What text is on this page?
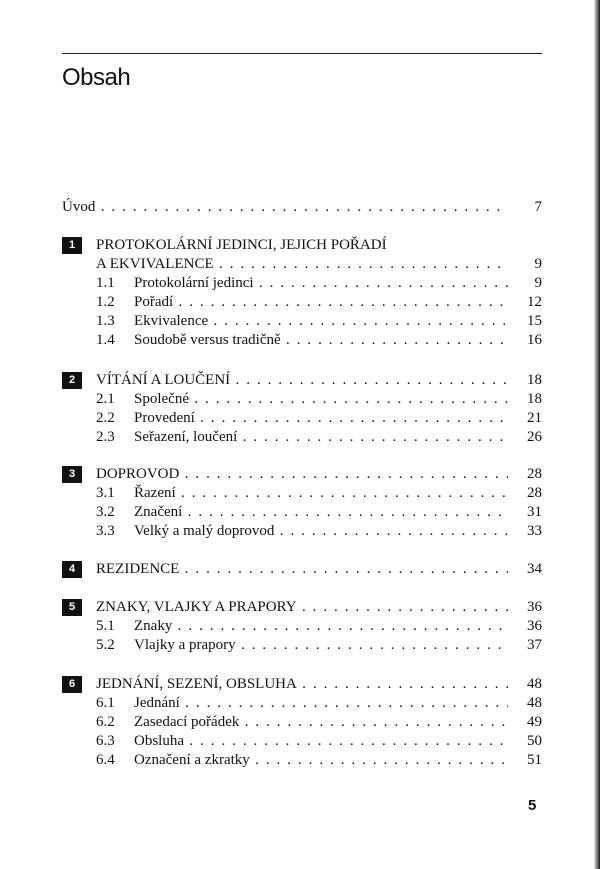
Obsah
Úvod . . .	7
1	PROTOKOLÁRNÍ JEDINCI, JEJICH POŘADÍ
A EKVIVALENCE . . .	9
1.1 Protokolární jedinci . . .	9
1.2 Pořadí . . .	12
1.3 Ekvivalence . . .	15
1.4 Soudobě versus tradičně . . .	16
2	VÍTÁNÍ A LOUČENÍ . . .	18
2.1 Společné . . .	18
2.2 Provedení . . .	21
2.3 Seřazení, loučení . . .	26
3	DOPROVOD . . .	28
3.1 Řazení . . .	28
3.2 Značení . . .	31
3.3 Velký a malý doprovod . . .	33
4	REZIDENCE . . .	34
5	ZNAKY, VLAJKY A PRAPORY . . .	36
5.1 Znaky . . .	36
5.2 Vlajky a prapory . . .	37
6	JEDNÁNÍ, SEZENÍ, OBSLUHA . . .	48
6.1 Jednání . . .	48
6.2 Zasedací pořádek . . .	49
6.3 Obsluha . . .	50
6.4 Označení a zkratky . . .	51
5
